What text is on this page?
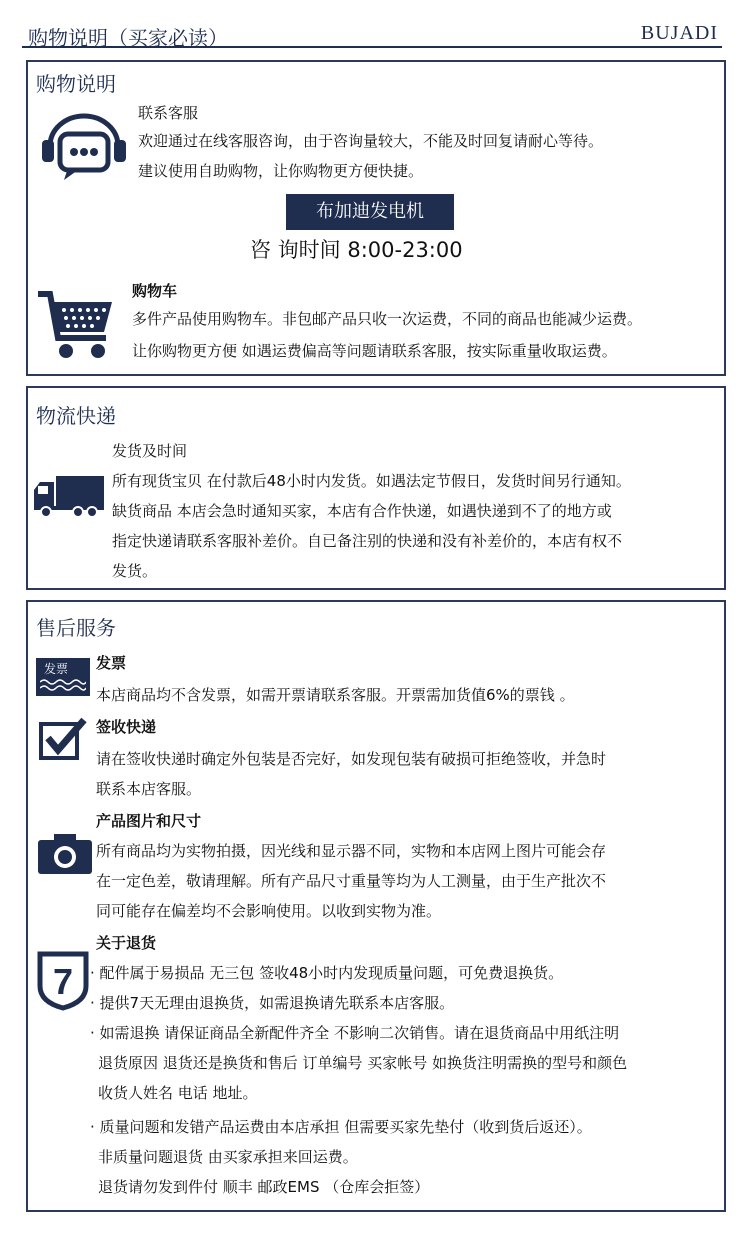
购物说明（买家必读）	BUJADI
购物说明
联系客服
欢迎通过在线客服咨询，由于咨询量较大，不能及时回复请耐心等待。
建议使用自助购物，让你购物更方便快捷。
布加迪发电机
咨 询时间 8:00-23:00
购物车
多件产品使用购物车。非包邮产品只收一次运费，不同的商品也能减少运费。
让你购物更方便 如遇运费偏高等问题请联系客服，按实际重量收取运费。
物流快递
发货及时间
所有现货宝贝 在付款后48小时内发货。如遇法定节假日，发货时间另行通知。
缺货商品 本店会急时通知买家，本店有合作快递，如遇快递到不了的地方或
指定快递请联系客服补差价。自已备注别的快递和没有补差价的，本店有权不
发货。
售后服务
发票 发票
本店商品均不含发票，如需开票请联系客服。开票需加货值6%的票钱 。
签收快递
请在签收快递时确定外包装是否完好，如发现包装有破损可拒绝签收，并急时
联系本店客服。
产品图片和尺寸
所有商品均为实物拍摄，因光线和显示器不同，实物和本店网上图片可能会存
在一定色差，敬请理解。所有产品尺寸重量等均为人工测量，由于生产批次不
同可能存在偏差均不会影响使用。以收到实物为准。
7
关于退货
· 配件属于易损品 无三包 签收48小时内发现质量问题，可免费退换货。
· 提供7天无理由退换货，如需退换请先联系本店客服。
· 如需退换 请保证商品全新配件齐全 不影响二次销售。请在退货商品中用纸注明
退货原因 退货还是换货和售后 订单编号 买家帐号 如换货注明需换的型号和颜色
收货人姓名 电话 地址。
· 质量问题和发错产品运费由本店承担 但需要买家先垫付（收到货后返还）。
非质量问题退货 由买家承担来回运费。
退货请勿发到件付 顺丰 邮政EMS （仓库会拒签）
